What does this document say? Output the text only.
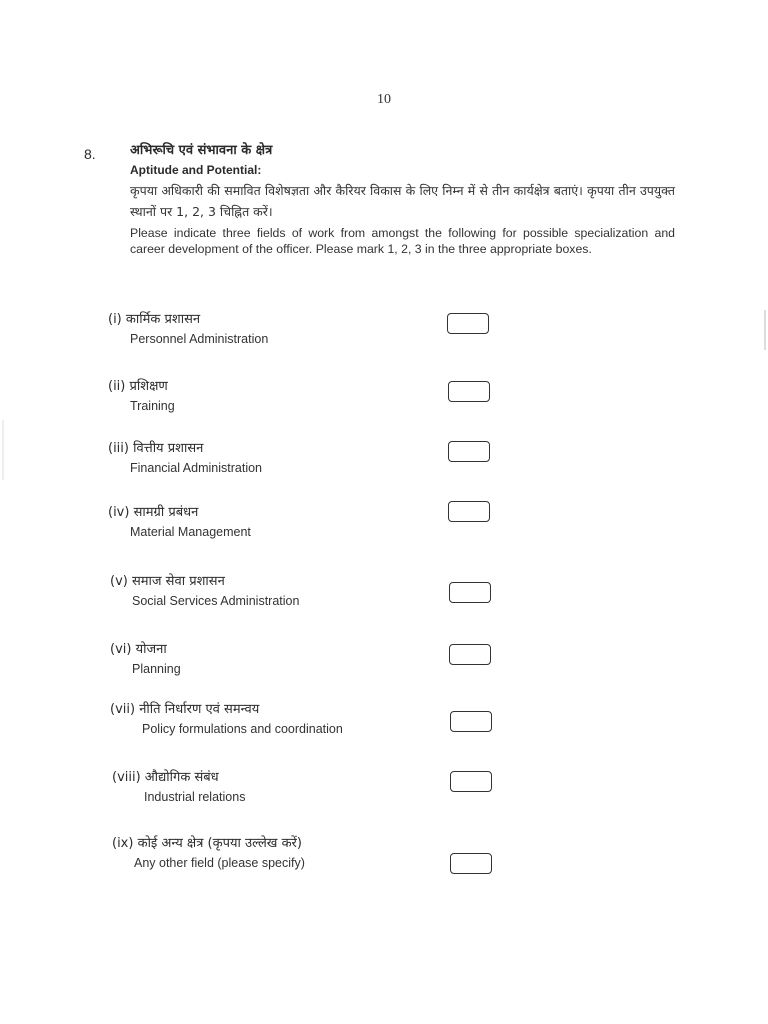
10
8.	अभिरूचि एवं संभावना के क्षेत्र
Aptitude and Potential:
कृपया अधिकारी की समावित विशेषज्ञता और कैरियर विकास के लिए निम्न में से तीन कार्यक्षेत्र बताएं। कृपया तीन उपयुक्त स्थानों पर 1, 2, 3 चिह्नित करें।
Please indicate three fields of work from amongst the following for possible specialization and career development of the officer. Please mark 1, 2, 3 in the three appropriate boxes.
(i) कार्मिक प्रशासन
Personnel Administration
(ii) प्रशिक्षण
Training
(iii) वित्तीय प्रशासन
Financial Administration
(iv) सामग्री प्रबंधन
Material Management
(v) समाज सेवा प्रशासन
Social Services Administration
(vi) योजना
Planning
(vii) नीति निर्धारण एवं समन्वय
Policy formulations and coordination
(viii) औद्योगिक संबंध
Industrial relations
(ix) कोई अन्य क्षेत्र (कृपया उल्लेख करें)
Any other field (please specify)
